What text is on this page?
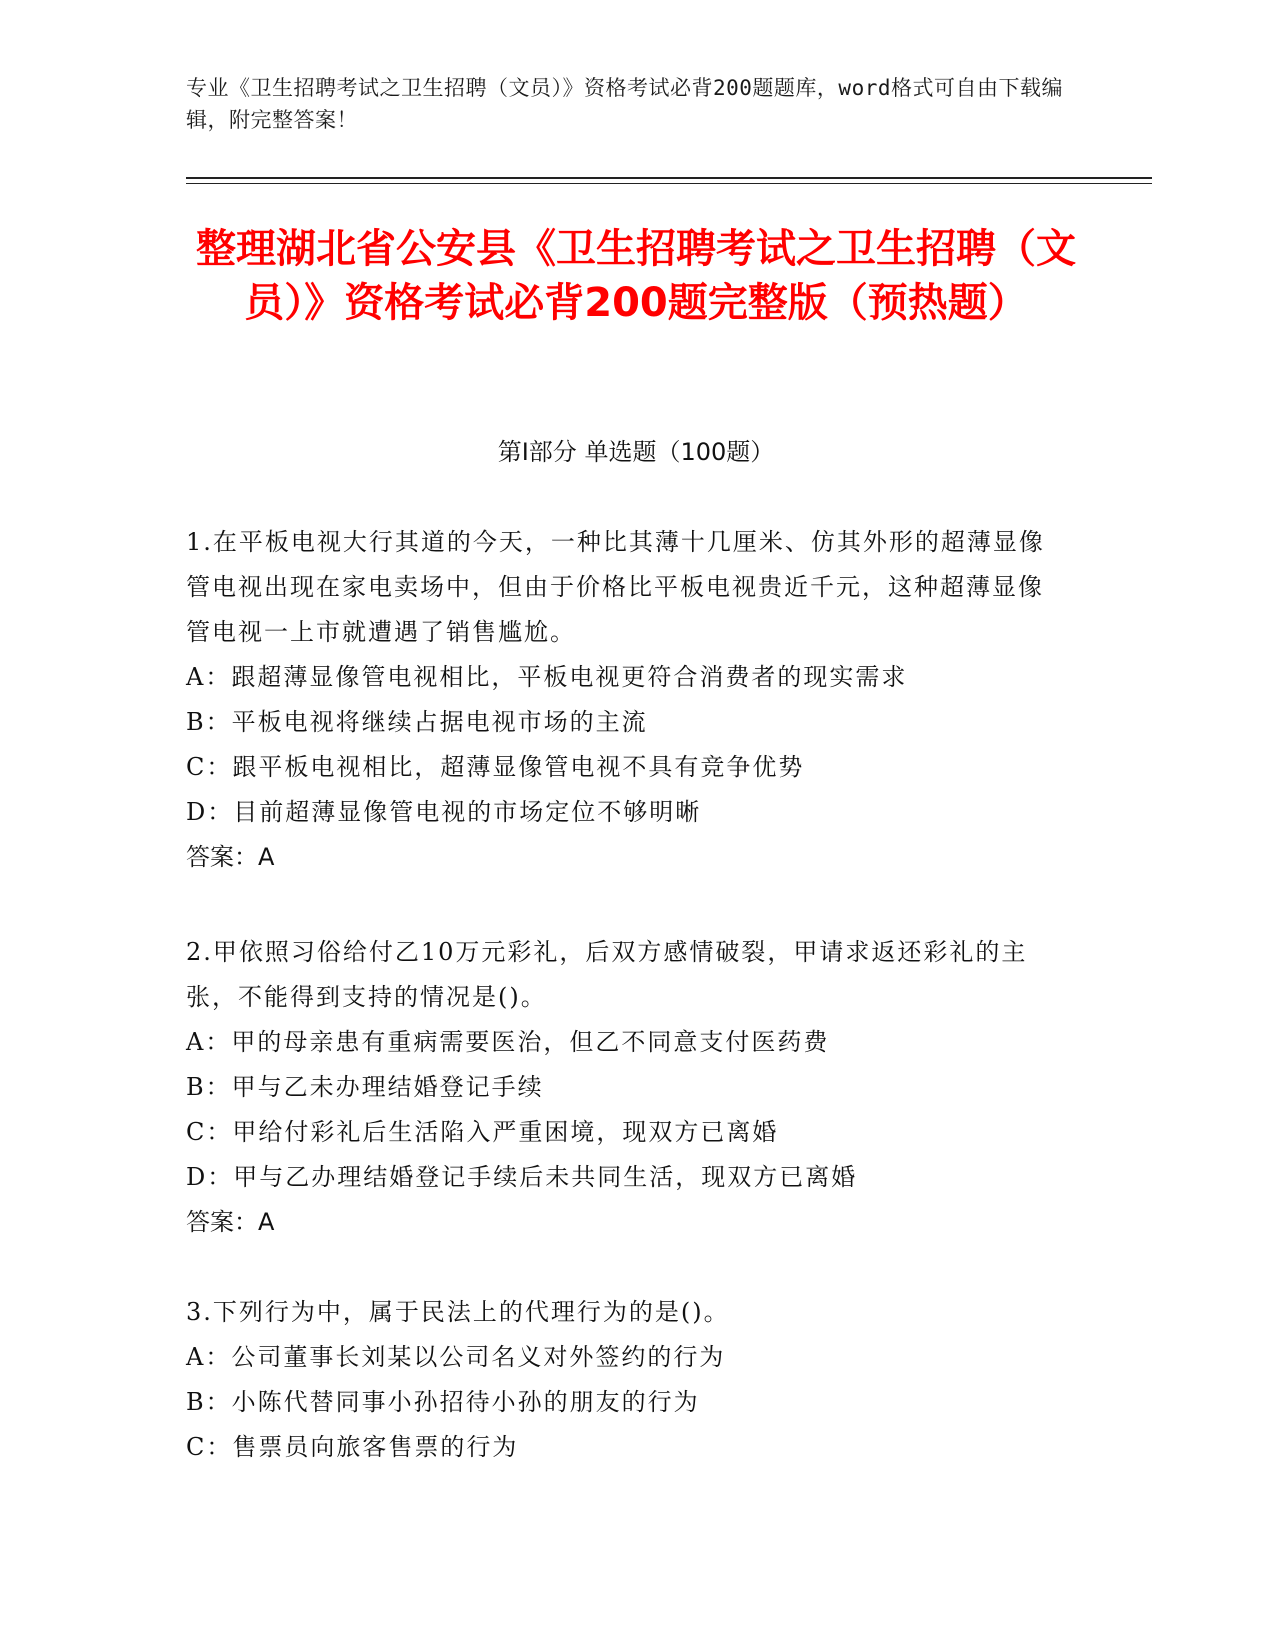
专业《卫生招聘考试之卫生招聘（文员）》资格考试必背200题题库，word格式可自由下载编辑，附完整答案！
整理湖北省公安县《卫生招聘考试之卫生招聘（文员）》资格考试必背200题完整版（预热题）
第Ⅰ部分 单选题（100题）
1.在平板电视大行其道的今天，一种比其薄十几厘米、仿其外形的超薄显像管电视出现在家电卖场中，但由于价格比平板电视贵近千元，这种超薄显像管电视一上市就遭遇了销售尴尬。
A：跟超薄显像管电视相比，平板电视更符合消费者的现实需求
B：平板电视将继续占据电视市场的主流
C：跟平板电视相比，超薄显像管电视不具有竞争优势
D：目前超薄显像管电视的市场定位不够明晰
答案：A
2.甲依照习俗给付乙10万元彩礼，后双方感情破裂，甲请求返还彩礼的主张，不能得到支持的情况是()。
A：甲的母亲患有重病需要医治，但乙不同意支付医药费
B：甲与乙未办理结婚登记手续
C：甲给付彩礼后生活陷入严重困境，现双方已离婚
D：甲与乙办理结婚登记手续后未共同生活，现双方已离婚
答案：A
3.下列行为中，属于民法上的代理行为的是()。
A：公司董事长刘某以公司名义对外签约的行为
B：小陈代替同事小孙招待小孙的朋友的行为
C：售票员向旅客售票的行为
